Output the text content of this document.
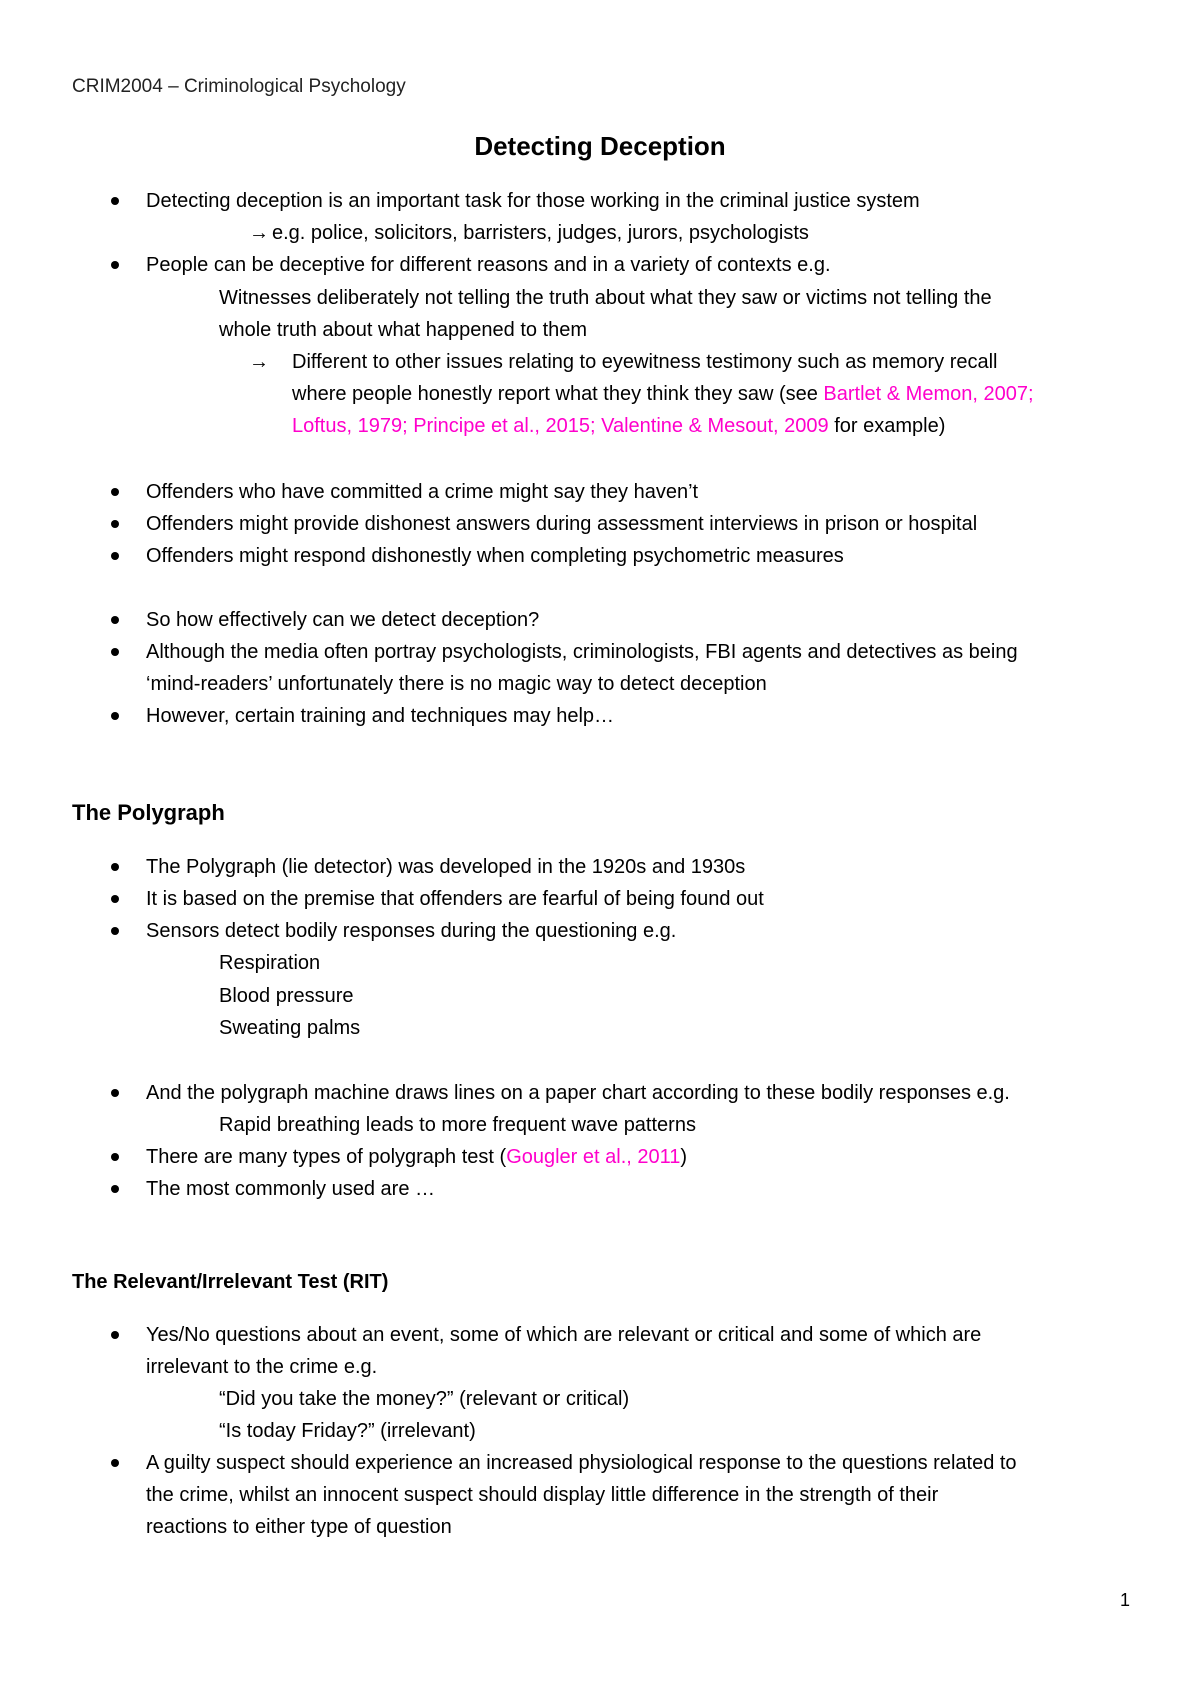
CRIM2004 – Criminological Psychology
Detecting Deception
Detecting deception is an important task for those working in the criminal justice system
→ e.g. police, solicitors, barristers, judges, jurors, psychologists
People can be deceptive for different reasons and in a variety of contexts e.g.
Witnesses deliberately not telling the truth about what they saw or victims not telling the
whole truth about what happened to them
→ Different to other issues relating to eyewitness testimony such as memory recall
where people honestly report what they think they saw (see Bartlet & Memon, 2007;
Loftus, 1979; Principe et al., 2015; Valentine & Mesout, 2009 for example)
Offenders who have committed a crime might say they haven’t
Offenders might provide dishonest answers during assessment interviews in prison or hospital
Offenders might respond dishonestly when completing psychometric measures
So how effectively can we detect deception?
Although the media often portray psychologists, criminologists, FBI agents and detectives as being
‘mind-readers’ unfortunately there is no magic way to detect deception
However, certain training and techniques may help…
The Polygraph
The Polygraph (lie detector) was developed in the 1920s and 1930s
It is based on the premise that offenders are fearful of being found out
Sensors detect bodily responses during the questioning e.g.
Respiration
Blood pressure
Sweating palms
And the polygraph machine draws lines on a paper chart according to these bodily responses e.g.
Rapid breathing leads to more frequent wave patterns
There are many types of polygraph test (Gougler et al., 2011)
The most commonly used are …
The Relevant/Irrelevant Test (RIT)
Yes/No questions about an event, some of which are relevant or critical and some of which are
irrelevant to the crime e.g.
“Did you take the money?” (relevant or critical)
“Is today Friday?” (irrelevant)
A guilty suspect should experience an increased physiological response to the questions related to
the crime, whilst an innocent suspect should display little difference in the strength of their
reactions to either type of question
1
